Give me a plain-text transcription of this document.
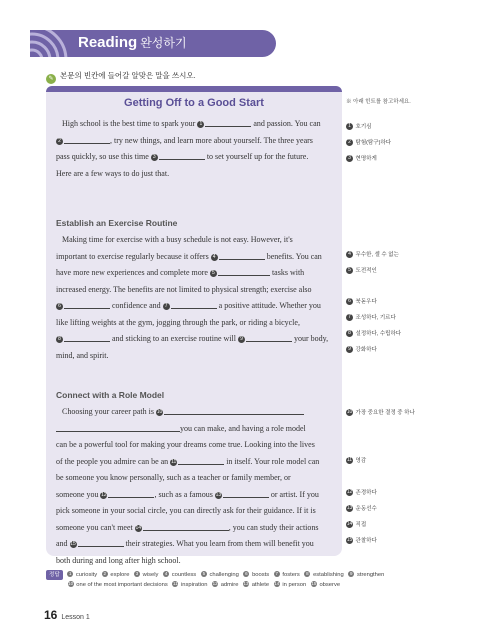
Reading 완성하기
✎ 본문의 빈칸에 들어갈 알맞은 말을 쓰시오.
Getting Off to a Good Start
High school is the best time to spark your 1	and passion. You can
2	, try new things, and learn more about yourself. The three years
pass quickly, so use this time 3	to set yourself up for the future.
Here are a few ways to do just that.
Establish an Exercise Routine
Making time for exercise with a busy schedule is not easy. However, it's
important to exercise regularly because it offers 4	benefits. You can
have more new experiences and complete more 5	tasks with
increased energy. The benefits are not limited to physical strength; exercise also
6	confidence and 7	a positive attitude. Whether you
like lifting weights at the gym, jogging through the park, or riding a bicycle,
8	and sticking to an exercise routine will 9	your body,
mind, and spirit.
Connect with a Role Model
Choosing your career path is 10
you can make, and having a role model
can be a powerful tool for making your dreams come true. Looking into the lives
of the people you admire can be an 11	in itself. Your role model can
be someone you know personally, such as a teacher or family member, or
someone you 12	, such as a famous 13	or artist. If you
pick someone in your social circle, you can directly ask for their guidance. If it is
someone you can't meet 14	, you can study their actions
and 15	their strategies. What you learn from them will benefit you
both during and long after high school.
※ 아래 힌트를 참고하세요.
1 호기심
2 탐험(탐구)하다
3 현명하게
4 무수한, 셀 수 없는
5 도전적인
6 북돋우다
7 조성하다, 기르다
8 설정하다, 수립하다
9 강화하다
10 가장 중요한 결정 중 하나
11 영감
12 존경하다
13 운동선수
14 직접
15 관찰하다
정답 1 curiosity 2 explore 3 wisely 4 countless 5 challenging 6 boosts 7 fosters 8 establishing 9 strengthen
10 one of the most important decisions 11 inspiration 12 admire 13 athlete 14 in person 15 observe
16 Lesson 1
